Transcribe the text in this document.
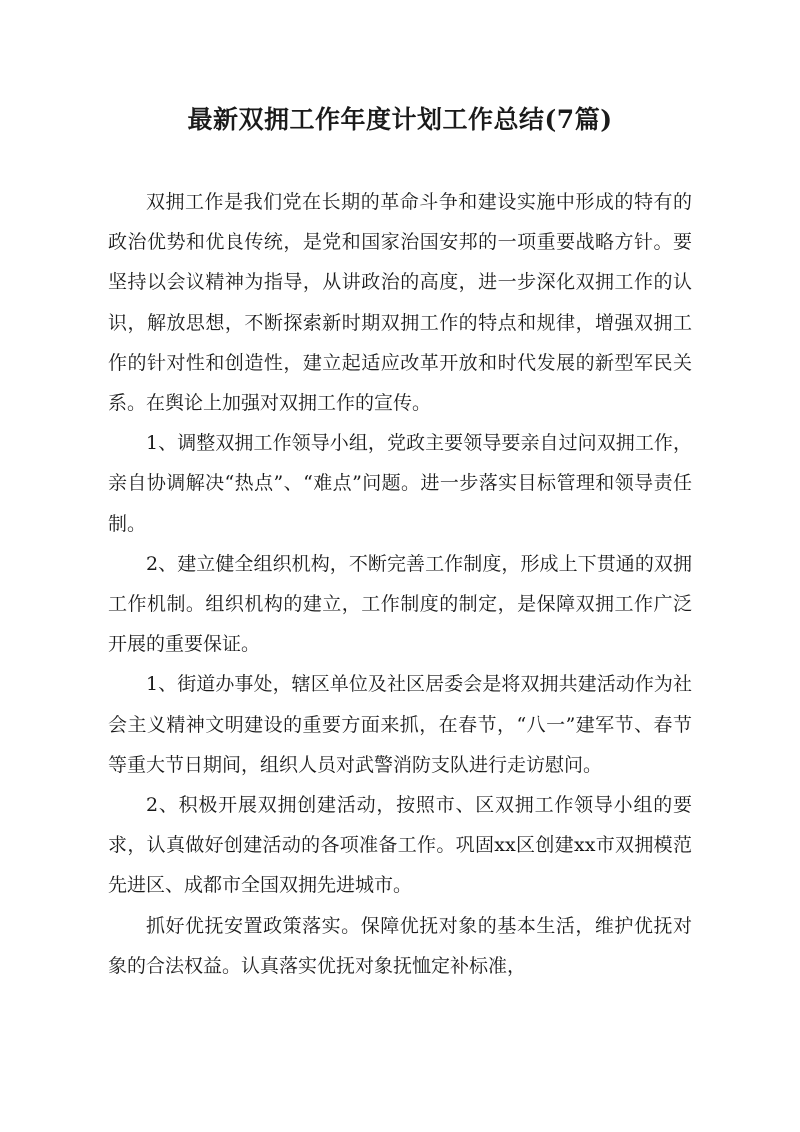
最新双拥工作年度计划工作总结(7篇)

双拥工作是我们党在长期的革命斗争和建设实施中形成的特有的政治优势和优良传统，是党和国家治国安邦的一项重要战略方针。要坚持以会议精神为指导，从讲政治的高度，进一步深化双拥工作的认识，解放思想，不断探索新时期双拥工作的特点和规律，增强双拥工作的针对性和创造性，建立起适应改革开放和时代发展的新型军民关系。在舆论上加强对双拥工作的宣传。

1、调整双拥工作领导小组，党政主要领导要亲自过问双拥工作，亲自协调解决“热点”、“难点”问题。进一步落实目标管理和领导责任制。

2、建立健全组织机构，不断完善工作制度，形成上下贯通的双拥工作机制。组织机构的建立，工作制度的制定，是保障双拥工作广泛开展的重要保证。

1、街道办事处，辖区单位及社区居委会是将双拥共建活动作为社会主义精神文明建设的重要方面来抓，在春节，“八一”建军节、春节等重大节日期间，组织人员对武警消防支队进行走访慰问。

2、积极开展双拥创建活动，按照市、区双拥工作领导小组的要求，认真做好创建活动的各项准备工作。巩固xx区创建xx市双拥模范先进区、成都市全国双拥先进城市。

抓好优抚安置政策落实。保障优抚对象的基本生活，维护优抚对象的合法权益。认真落实优抚对象抚恤定补标准，
